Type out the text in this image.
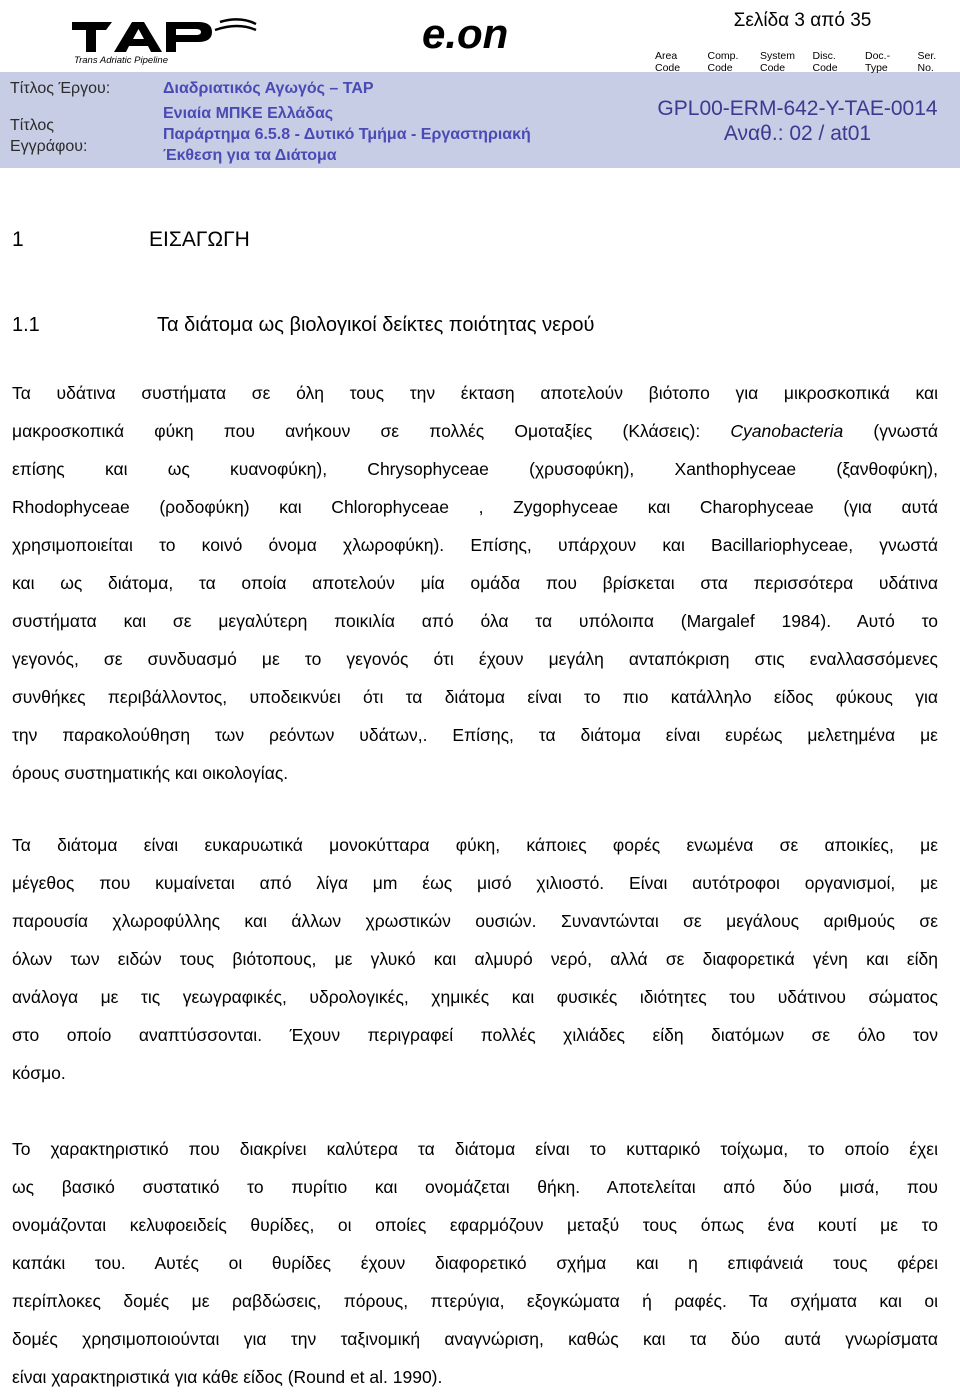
Trans Adriatic Pipeline
e.on	Σελίδα 3 από 35
Area
Code
Comp.
Code
System
Code
Disc.
Code
Doc.-
Type
Ser.
No.
Τίτλος Έργου:	Διαδριατικός Αγωγός – TAP
Τίτλος
Εγγράφου:
Ενιαία ΜΠΚΕ Ελλάδας
Παράρτημα 6.5.8 - Δυτικό Τμήμα - Εργαστηριακή
Έκθεση για τα Διάτομα
GPL00-ERM-642-Y-TAE-0014
Αναθ.: 02 / at01
1	ΕΙΣΑΓΩΓΗ
1.1	Τα διάτομα ως βιολογικοί δείκτες ποιότητας νερού
Τα υδάτινα συστήματα σε όλη τους την έκταση αποτελούν βιότοπο για μικροσκοπικά και
μακροσκοπικά φύκη που ανήκουν σε πολλές Ομοταξίες (Κλάσεις): Cyanobacteria (γνωστά
επίσης και ως κυανοφύκη), Chrysophyceae (χρυσοφύκη), Xanthophyceae (ξανθοφύκη),
Rhodophyceae (ροδοφύκη) και Chlorophyceae , Zygophyceae και Charophyceae (για αυτά
χρησιμοποιείται το κοινό όνομα χλωροφύκη). Επίσης, υπάρχουν και Bacillariophyceae, γνωστά
και ως διάτομα, τα οποία αποτελούν μία ομάδα που βρίσκεται στα περισσότερα υδάτινα
συστήματα και σε μεγαλύτερη ποικιλία από όλα τα υπόλοιπα (Margalef 1984). Αυτό το
γεγονός, σε συνδυασμό με το γεγονός ότι έχουν μεγάλη ανταπόκριση στις εναλλασσόμενες
συνθήκες περιβάλλοντος, υποδεικνύει ότι τα διάτομα είναι το πιο κατάλληλο είδος φύκους για
την παρακολούθηση των ρεόντων υδάτων,. Επίσης, τα διάτομα είναι ευρέως μελετημένα με
όρους συστηματικής και οικολογίας.
Τα διάτομα είναι ευκαρυωτικά μονοκύτταρα φύκη, κάποιες φορές ενωμένα σε αποικίες, με
μέγεθος που κυμαίνεται από λίγα μm έως μισό χιλιοστό. Είναι αυτότροφοι οργανισμοί, με
παρουσία χλωροφύλλης και άλλων χρωστικών ουσιών. Συναντώνται σε μεγάλους αριθμούς σε
όλων των ειδών τους βιότοπους, με γλυκό και αλμυρό νερό, αλλά σε διαφορετικά γένη και είδη
ανάλογα με τις γεωγραφικές, υδρολογικές, χημικές και φυσικές ιδιότητες του υδάτινου σώματος
στο οποίο αναπτύσσονται. Έχουν περιγραφεί πολλές χιλιάδες είδη διατόμων σε όλο τον
κόσμο.
Το χαρακτηριστικό που διακρίνει καλύτερα τα διάτομα είναι το κυτταρικό τοίχωμα, το οποίο έχει
ως βασικό συστατικό το πυρίτιο και ονομάζεται θήκη. Αποτελείται από δύο μισά, που
ονομάζονται κελυφοειδείς θυρίδες, οι οποίες εφαρμόζουν μεταξύ τους όπως ένα κουτί με το
καπάκι του. Αυτές οι θυρίδες έχουν διαφορετικό σχήμα και η επιφάνειά τους φέρει
περίπλοκες δομές με ραβδώσεις, πόρους, πτερύγια, εξογκώματα ή ραφές. Τα σχήματα και οι
δομές χρησιμοποιούνται για την ταξινομική αναγνώριση, καθώς και τα δύο αυτά γνωρίσματα
είναι χαρακτηριστικά για κάθε είδος (Round et al. 1990).
